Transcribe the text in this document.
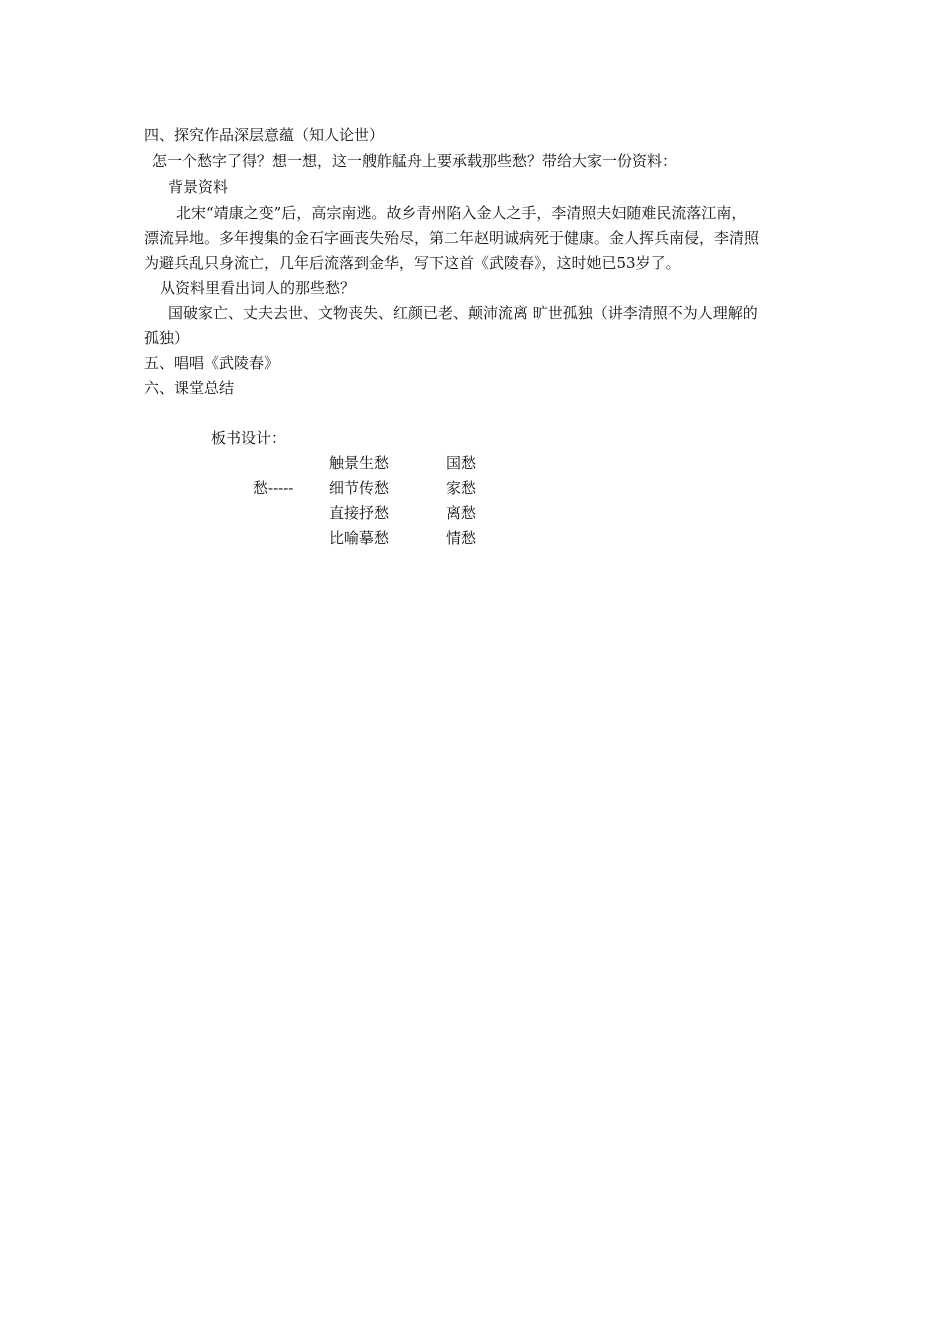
四、探究作品深层意蕴（知人论世）
怎一个愁字了得？想一想，这一艘舴艋舟上要承载那些愁？带给大家一份资料：
背景资料
北宋“靖康之变”后，高宗南逃。故乡青州陷入金人之手，李清照夫妇随难民流落江南，
漂流异地。多年搜集的金石字画丧失殆尽，第二年赵明诚病死于健康。金人挥兵南侵，李清照
为避兵乱只身流亡，几年后流落到金华，写下这首《武陵春》，这时她已53岁了。
从资料里看出词人的那些愁？
国破家亡、丈夫去世、文物丧失、红颜已老、颠沛流离 旷世孤独（讲李清照不为人理解的
孤独）
五、唱唱《武陵春》
六、课堂总结
板书设计：
愁-----
触景生愁
细节传愁
直接抒愁
比喻摹愁
国愁
家愁
离愁
情愁
